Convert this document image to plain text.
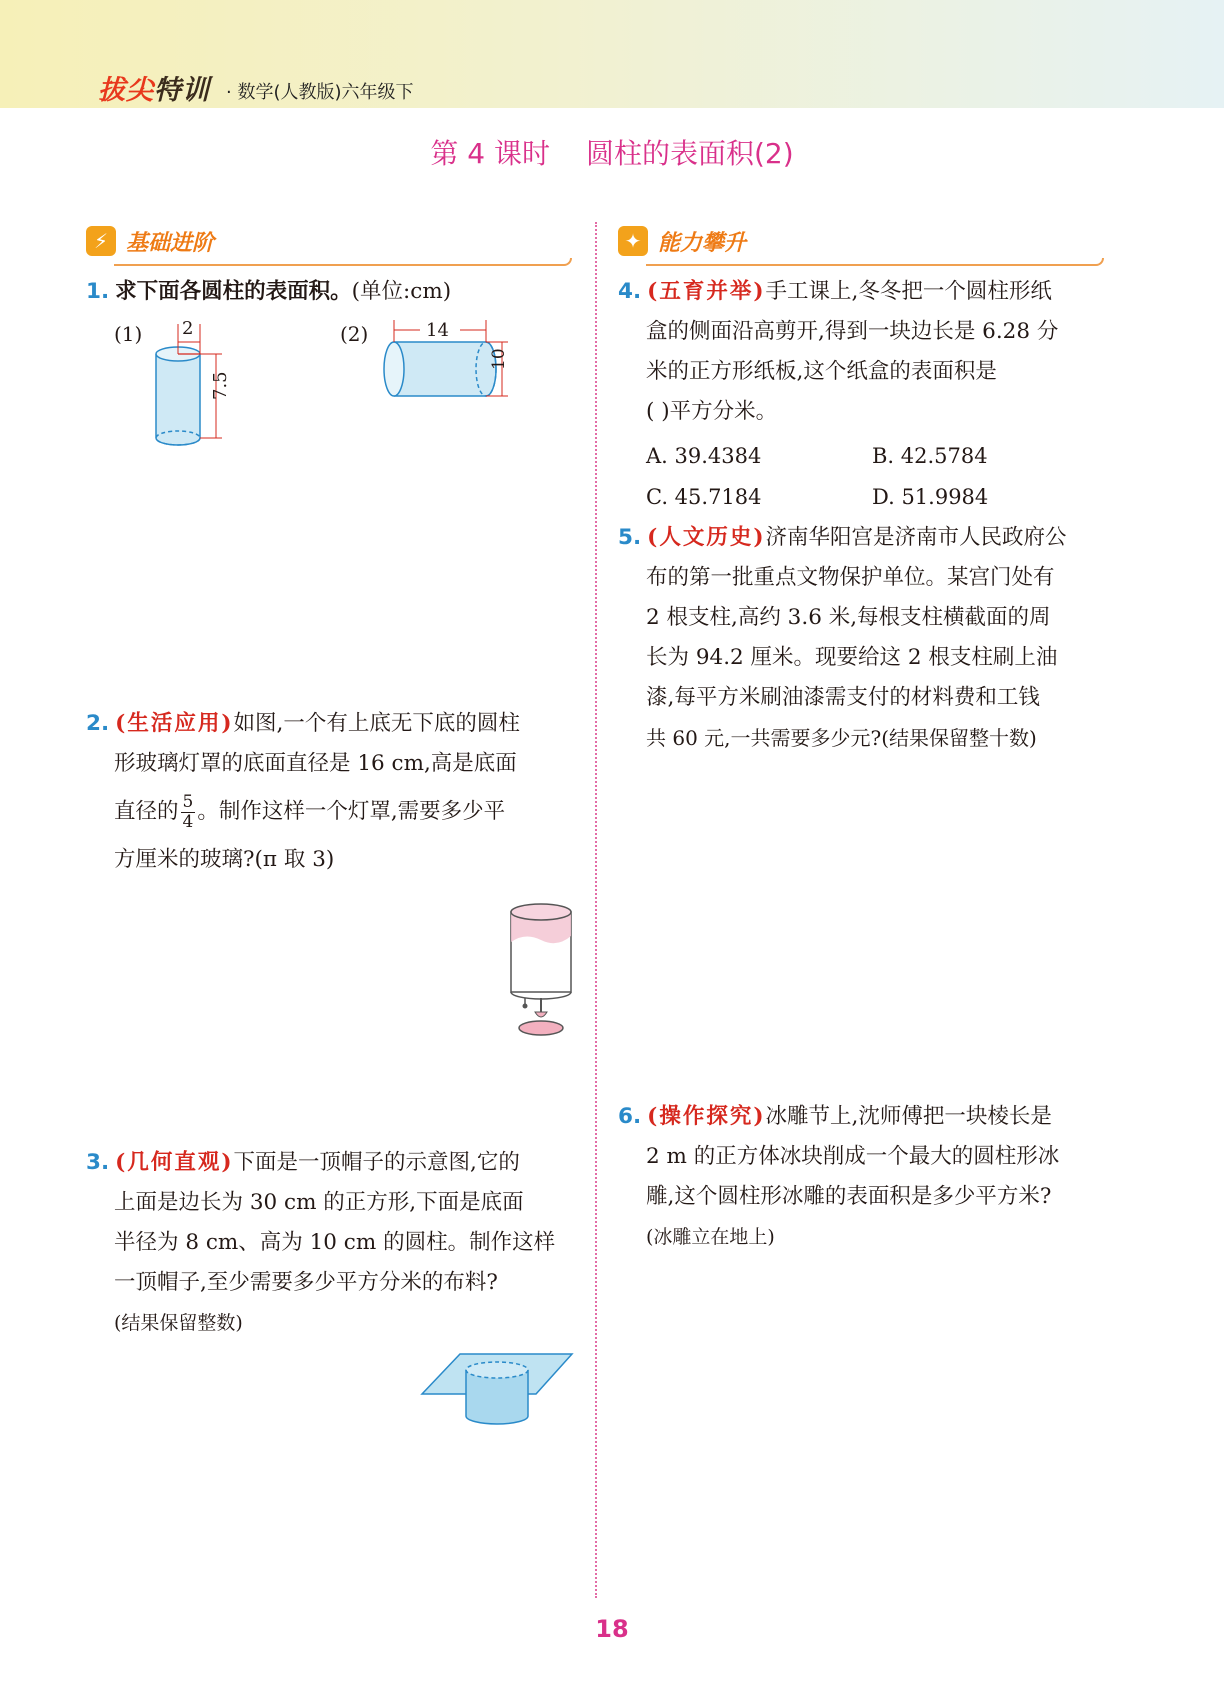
拔尖特训 · 数学(人教版)六年级下
第 4 课时 圆柱的表面积(2)
⚡ 基础进阶	✦ 能力攀升
1. 求下面各圆柱的表面积。(单位:cm)
(1) 2
7.5
(2)	14
10
2. (生活应用)如图,一个有上底无下底的圆柱
形玻璃灯罩的底面直径是 16 cm,高是底面
直径的 $\frac{5}{4}$ 。制作这样一个灯罩,需要多少平
方厘米的玻璃?(π 取 3)
3. (几何直观)下面是一顶帽子的示意图,它的
上面是边长为 30 cm 的正方形,下面是底面
半径为 8 cm、高为 10 cm 的圆柱。制作这样
一顶帽子,至少需要多少平方分米的布料?
(结果保留整数)
4. (五育并举)手工课上,冬冬把一个圆柱形纸
盒的侧面沿高剪开,得到一块边长是 6.28 分
米的正方形纸板,这个纸盒的表面积是
( )平方分米。
A. 39.4384	B. 42.5784
C. 45.7184	D. 51.9984
5. (人文历史)济南华阳宫是济南市人民政府公
布的第一批重点文物保护单位。某宫门处有
2 根支柱,高约 3.6 米,每根支柱横截面的周
长为 94.2 厘米。现要给这 2 根支柱刷上油
漆,每平方米刷油漆需支付的材料费和工钱
共 60 元,一共需要多少元?(结果保留整十数)
6. (操作探究)冰雕节上,沈师傅把一块棱长是
2 m 的正方体冰块削成一个最大的圆柱形冰
雕,这个圆柱形冰雕的表面积是多少平方米?
(冰雕立在地上)
18
